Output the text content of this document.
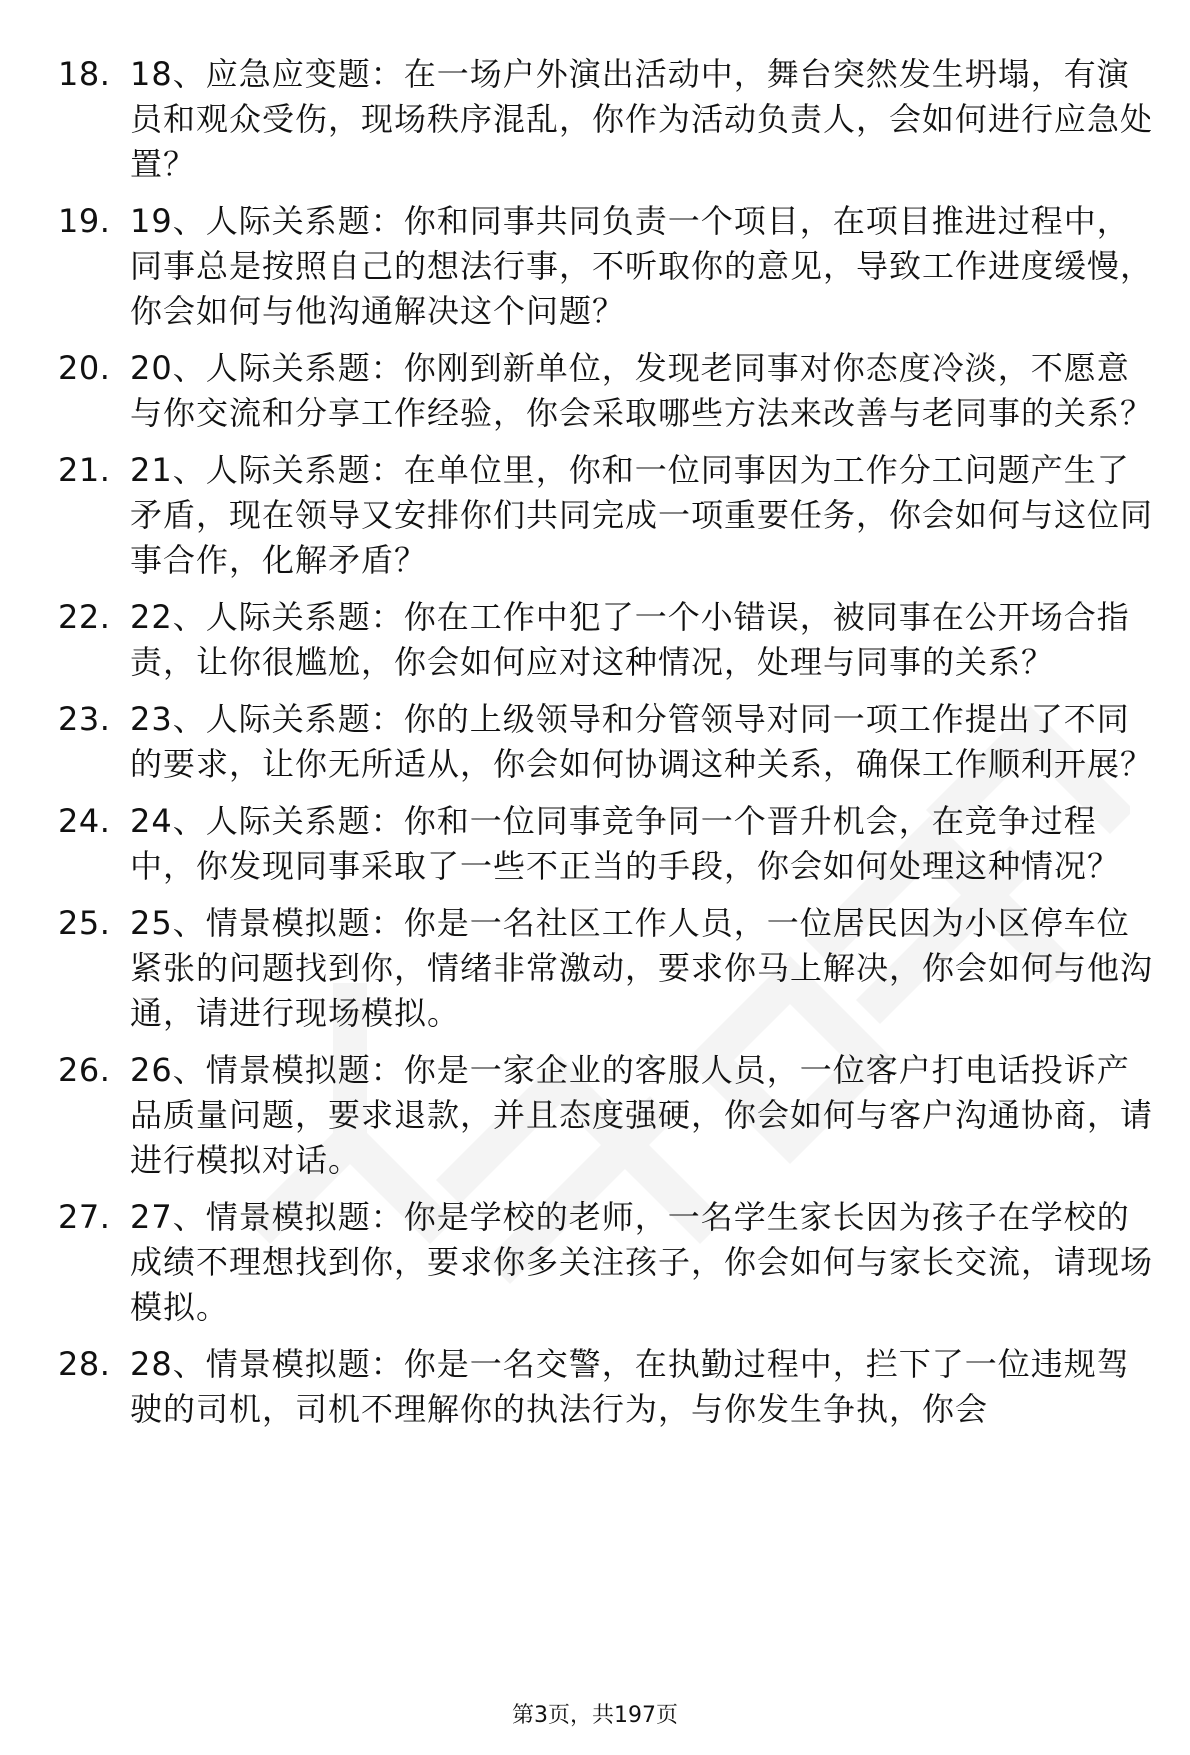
18. 18、应急应变题：在一场户外演出活动中，舞台突然发生坍塌，有演员和观众受伤，现场秩序混乱，你作为活动负责人，会如何进行应急处置？
19. 19、人际关系题：你和同事共同负责一个项目，在项目推进过程中，同事总是按照自己的想法行事，不听取你的意见，导致工作进度缓慢，你会如何与他沟通解决这个问题？
20. 20、人际关系题：你刚到新单位，发现老同事对你态度冷淡，不愿意与你交流和分享工作经验，你会采取哪些方法来改善与老同事的关系？
21. 21、人际关系题：在单位里，你和一位同事因为工作分工问题产生了矛盾，现在领导又安排你们共同完成一项重要任务，你会如何与这位同事合作，化解矛盾？
22. 22、人际关系题：你在工作中犯了一个小错误，被同事在公开场合指责，让你很尴尬，你会如何应对这种情况，处理与同事的关系？
23. 23、人际关系题：你的上级领导和分管领导对同一项工作提出了不同的要求，让你无所适从，你会如何协调这种关系，确保工作顺利开展？
24. 24、人际关系题：你和一位同事竞争同一个晋升机会，在竞争过程中，你发现同事采取了一些不正当的手段，你会如何处理这种情况？
25. 25、情景模拟题：你是一名社区工作人员，一位居民因为小区停车位紧张的问题找到你，情绪非常激动，要求你马上解决，你会如何与他沟通，请进行现场模拟。
26. 26、情景模拟题：你是一家企业的客服人员，一位客户打电话投诉产品质量问题，要求退款，并且态度强硬，你会如何与客户沟通协商，请进行模拟对话。
27. 27、情景模拟题：你是学校的老师，一名学生家长因为孩子在学校的成绩不理想找到你，要求你多关注孩子，你会如何与家长交流，请现场模拟。
28. 28、情景模拟题：你是一名交警，在执勤过程中，拦下了一位违规驾驶的司机，司机不理解你的执法行为，与你发生争执，你会
第3页，共197页
